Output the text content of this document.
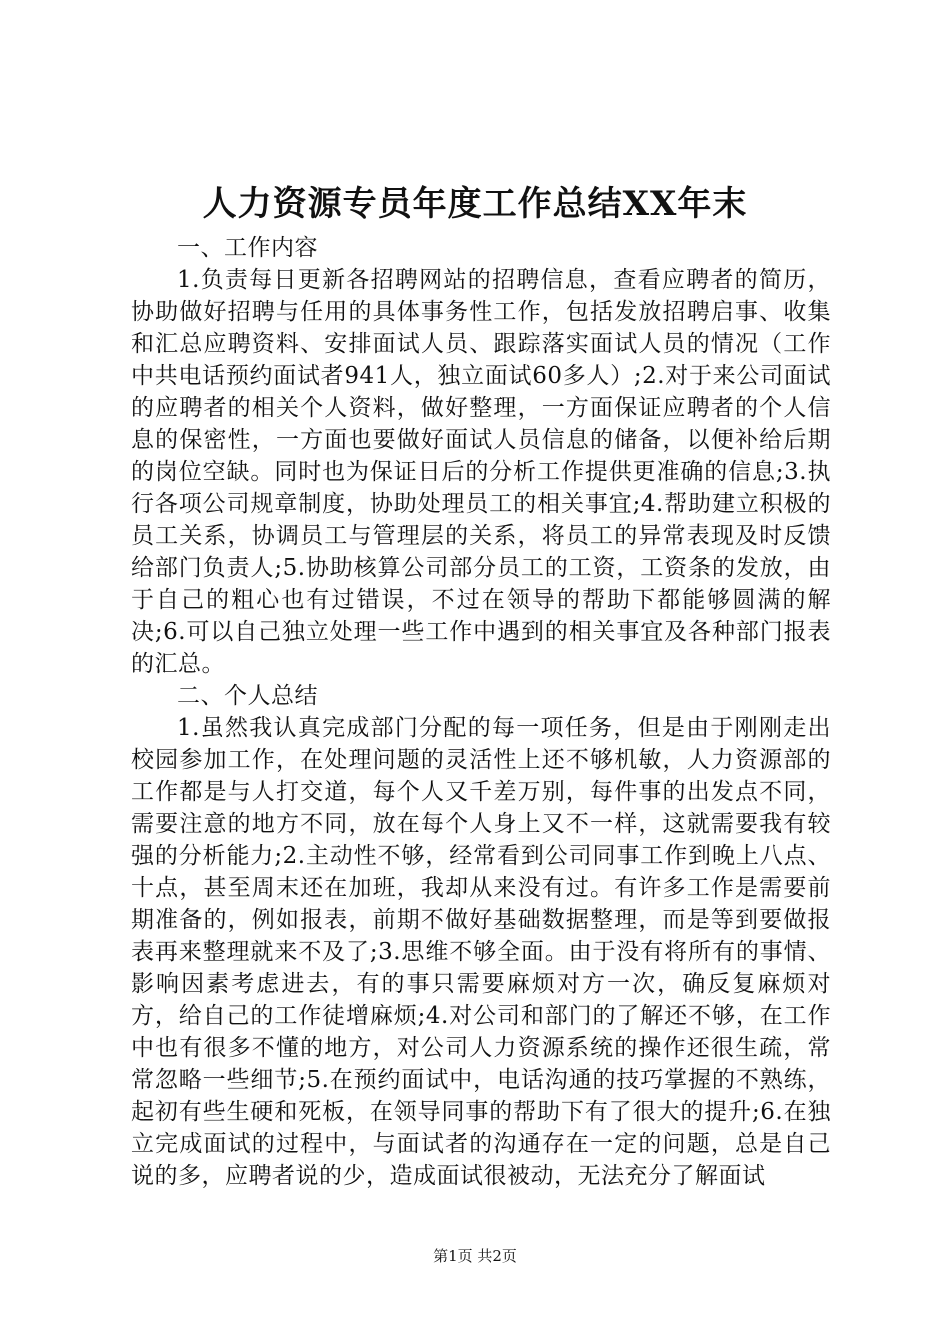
人力资源专员年度工作总结XX年末

一、工作内容

1.负责每日更新各招聘网站的招聘信息，查看应聘者的简历，协助做好招聘与任用的具体事务性工作，包括发放招聘启事、收集和汇总应聘资料、安排面试人员、跟踪落实面试人员的情况（工作中共电话预约面试者941人，独立面试60多人）;2.对于来公司面试的应聘者的相关个人资料，做好整理，一方面保证应聘者的个人信息的保密性，一方面也要做好面试人员信息的储备，以便补给后期的岗位空缺。同时也为保证日后的分析工作提供更准确的信息;3.执行各项公司规章制度，协助处理员工的相关事宜;4.帮助建立积极的员工关系，协调员工与管理层的关系，将员工的异常表现及时反馈给部门负责人;5.协助核算公司部分员工的工资，工资条的发放，由于自己的粗心也有过错误，不过在领导的帮助下都能够圆满的解决;6.可以自己独立处理一些工作中遇到的相关事宜及各种部门报表的汇总。

二、个人总结

1.虽然我认真完成部门分配的每一项任务，但是由于刚刚走出校园参加工作，在处理问题的灵活性上还不够机敏，人力资源部的工作都是与人打交道，每个人又千差万别，每件事的出发点不同，需要注意的地方不同，放在每个人身上又不一样，这就需要我有较强的分析能力;2.主动性不够，经常看到公司同事工作到晚上八点、十点，甚至周末还在加班，我却从来没有过。有许多工作是需要前期准备的，例如报表，前期不做好基础数据整理，而是等到要做报表再来整理就来不及了;3.思维不够全面。由于没有将所有的事情、影响因素考虑进去，有的事只需要麻烦对方一次，确反复麻烦对方，给自己的工作徒增麻烦;4.对公司和部门的了解还不够，在工作中也有很多不懂的地方，对公司人力资源系统的操作还很生疏，常常忽略一些细节;5.在预约面试中，电话沟通的技巧掌握的不熟练，起初有些生硬和死板，在领导同事的帮助下有了很大的提升;6.在独立完成面试的过程中，与面试者的沟通存在一定的问题，总是自己说的多，应聘者说的少，造成面试很被动，无法充分了解面试

第1页 共2页
